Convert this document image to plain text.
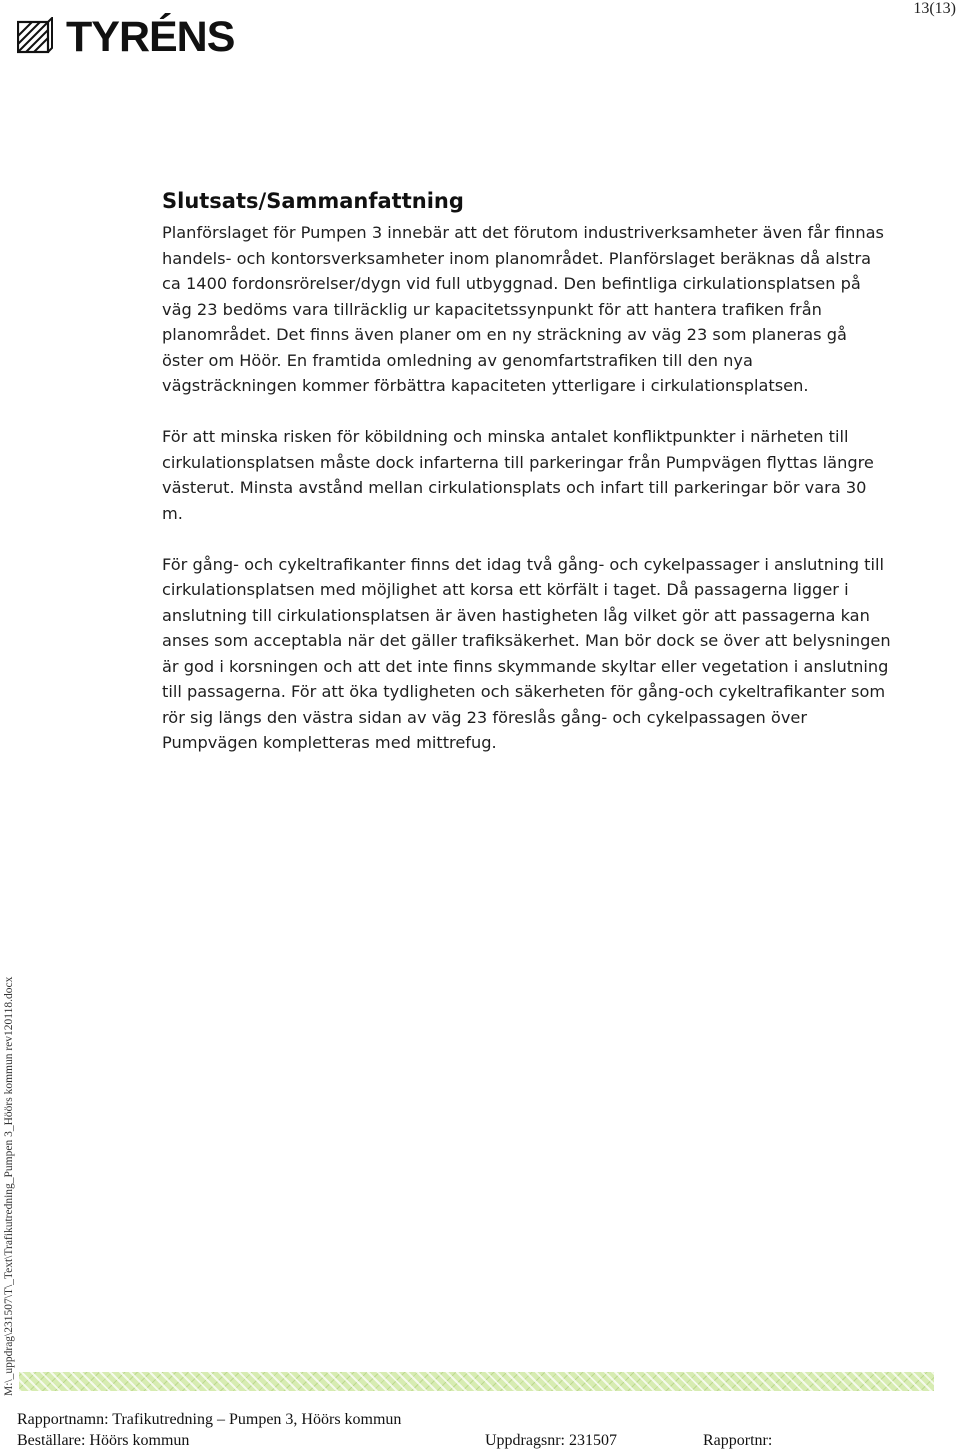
13(13)
TYRÉNS
Slutsats/Sammanfattning

Planförslaget för Pumpen 3 innebär att det förutom industriverksamheter även får finnas handels- och kontorsverksamheter inom planområdet. Planförslaget beräknas då alstra ca 1400 fordonsrörelser/dygn vid full utbyggnad. Den befintliga cirkulationsplatsen på väg 23 bedöms vara tillräcklig ur kapacitetssynpunkt för att hantera trafiken från planområdet. Det finns även planer om en ny sträckning av väg 23 som planeras gå öster om Höör. En framtida omledning av genomfartstrafiken till den nya vägsträckningen kommer förbättra kapaciteten ytterligare i cirkulationsplatsen.

För att minska risken för köbildning och minska antalet konfliktpunkter i närheten till cirkulationsplatsen måste dock infarterna till parkeringar från Pumpvägen flyttas längre västerut. Minsta avstånd mellan cirkulationsplats och infart till parkeringar bör vara 30 m.

För gång- och cykeltrafikanter finns det idag två gång- och cykelpassager i anslutning till cirkulationsplatsen med möjlighet att korsa ett körfält i taget. Då passagerna ligger i anslutning till cirkulationsplatsen är även hastigheten låg vilket gör att passagerna kan anses som acceptabla när det gäller trafiksäkerhet. Man bör dock se över att belysningen är god i korsningen och att det inte finns skymmande skyltar eller vegetation i anslutning till passagerna. För att öka tydligheten och säkerheten för gång-och cykeltrafikanter som rör sig längs den västra sidan av väg 23 föreslås gång- och cykelpassagen över Pumpvägen kompletteras med mittrefug.

M:\_uppdrag\231507\T\_Text\Trafikutredning_Pumpen 3_Höörs kommun rev120118.docx
Rapportnamn: Trafikutredning – Pumpen 3, Höörs kommun
Beställare: Höörs kommun	Uppdragsnr: 231507	Rapportnr:
